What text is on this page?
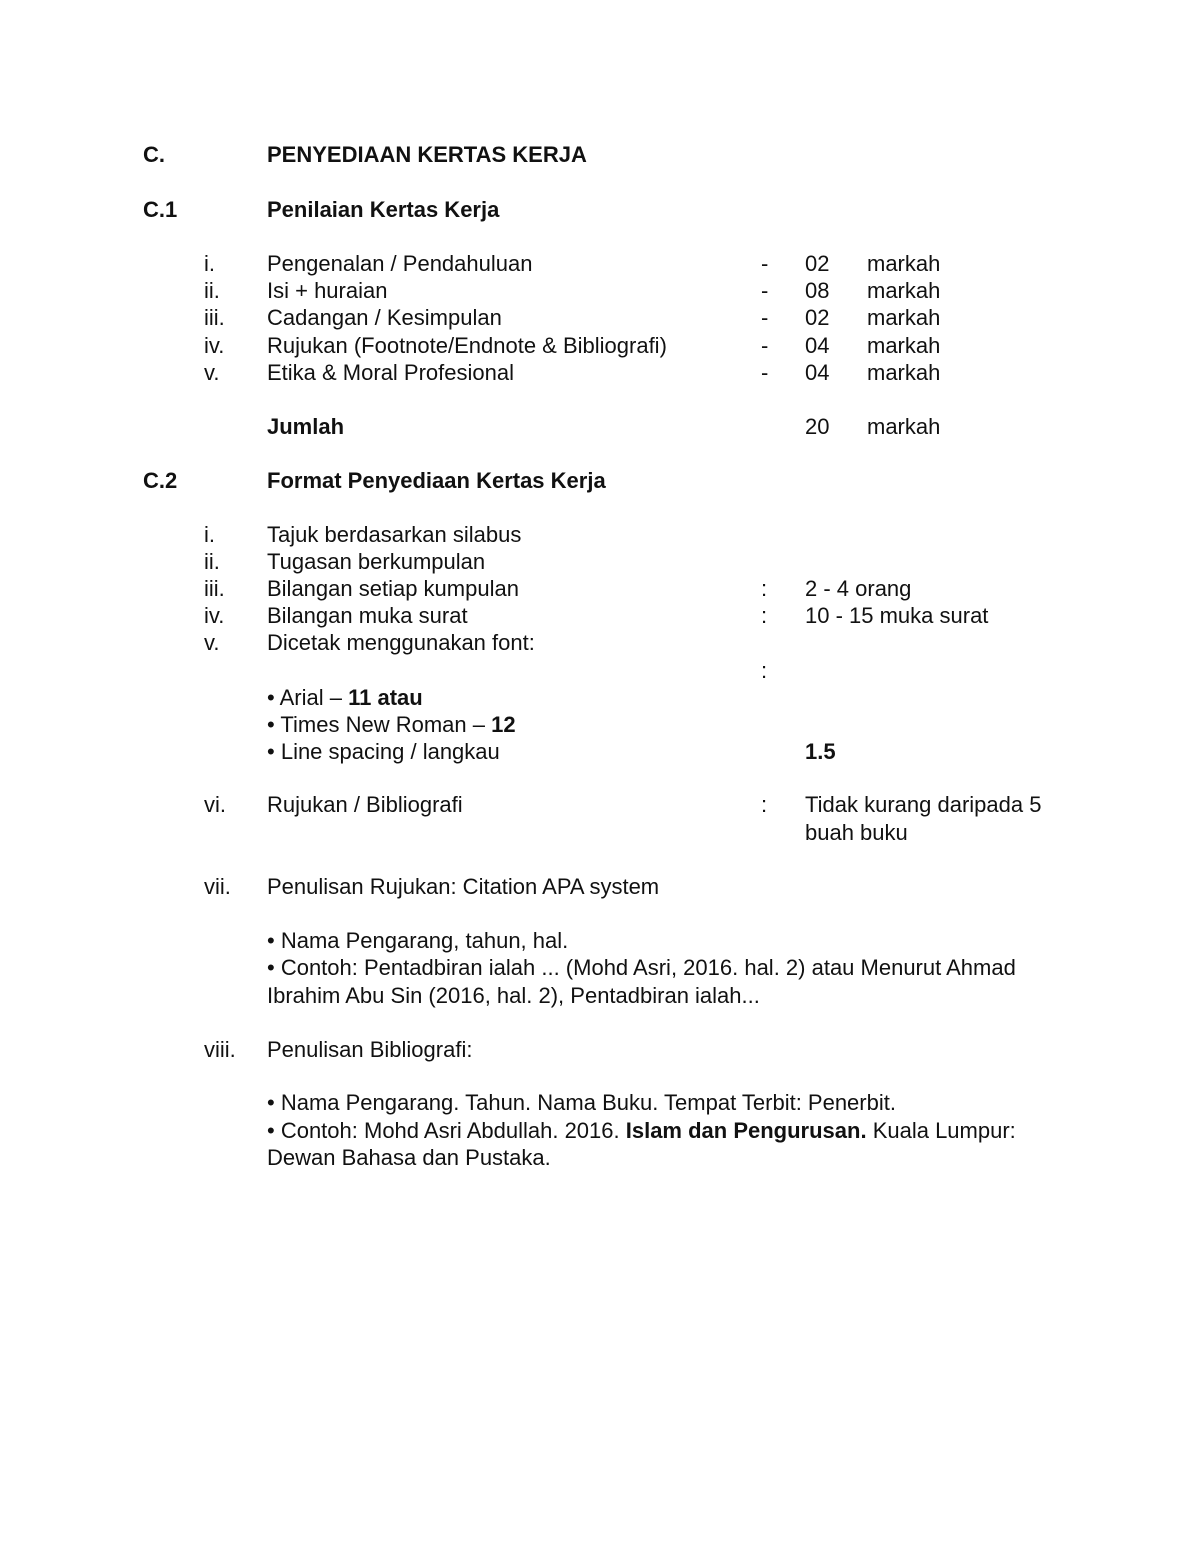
C.	PENYEDIAAN KERTAS KERJA
C.1	Penilaian Kertas Kerja
i. Pengenalan / Pendahuluan	- 02 markah
ii. Isi + huraian	- 08 markah
iii. Cadangan / Kesimpulan	- 02 markah
iv. Rujukan (Footnote/Endnote & Bibliografi)	- 04 markah
v. Etika & Moral Profesional	- 04 markah
Jumlah	20 markah
C.2	Format Penyediaan Kertas Kerja
i. Tajuk berdasarkan silabus
ii. Tugasan berkumpulan
iii. Bilangan setiap kumpulan	: 2 - 4 orang
iv. Bilangan muka surat	: 10 - 15 muka surat
v. Dicetak menggunakan font:
:
• Arial – 11 atau
• Times New Roman – 12
• Line spacing / langkau	1.5
vi. Rujukan / Bibliografi	: Tidak kurang daripada 5
buah buku
vii. Penulisan Rujukan: Citation APA system
• Nama Pengarang, tahun, hal.
• Contoh: Pentadbiran ialah ... (Mohd Asri, 2016. hal. 2) atau Menurut Ahmad
Ibrahim Abu Sin (2016, hal. 2), Pentadbiran ialah...
viii. Penulisan Bibliografi:
• Nama Pengarang. Tahun. Nama Buku. Tempat Terbit: Penerbit.
• Contoh: Mohd Asri Abdullah. 2016. Islam dan Pengurusan. Kuala Lumpur:
Dewan Bahasa dan Pustaka.
